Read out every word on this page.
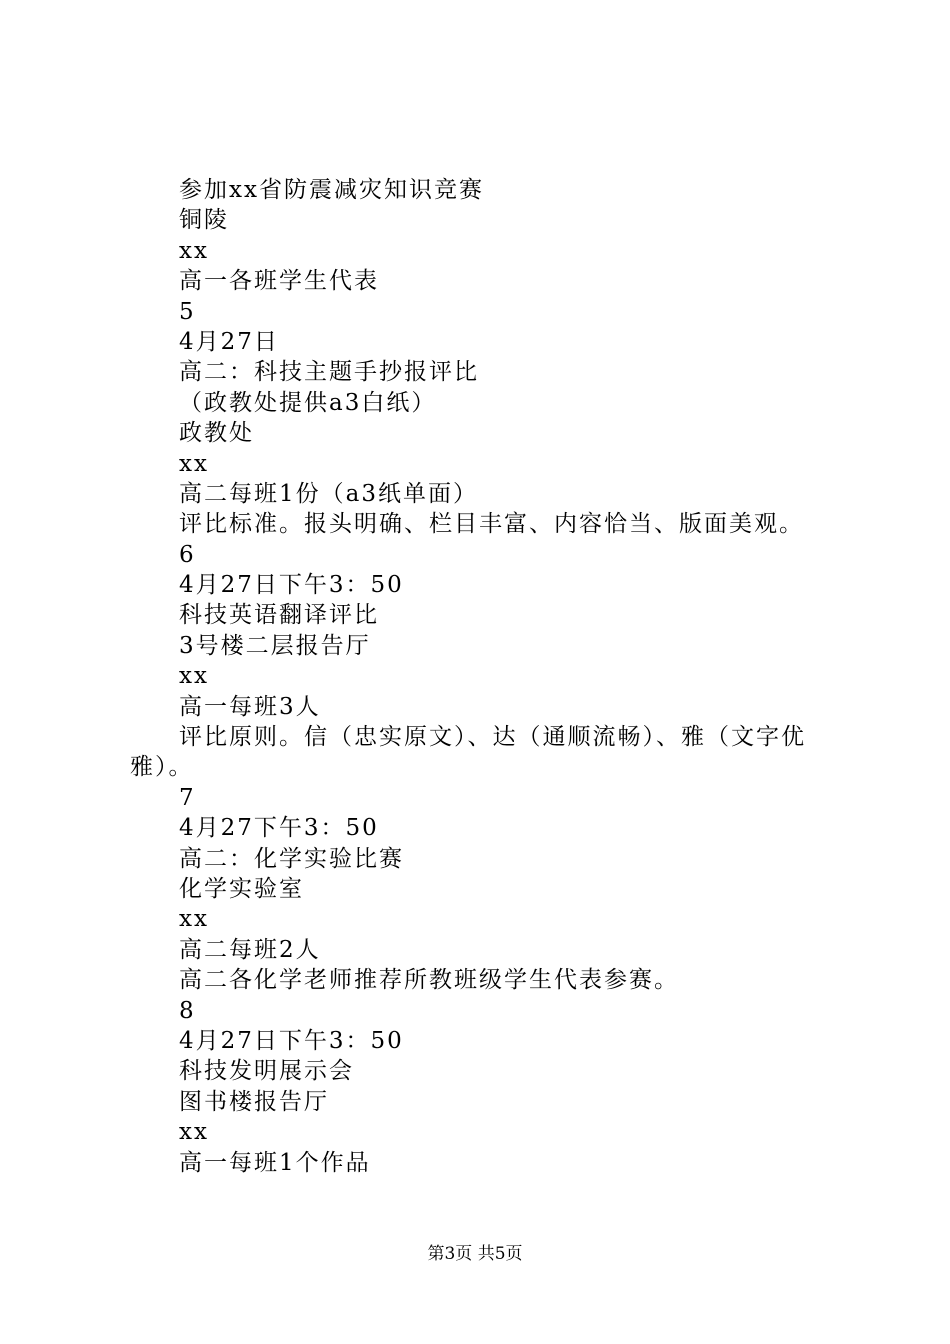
参加xx省防震减灾知识竞赛
铜陵
xx
高一各班学生代表
5
4月27日
高二：科技主题手抄报评比
（政教处提供a3白纸）
政教处
xx
高二每班1份（a3纸单面）
评比标准。报头明确、栏目丰富、内容恰当、版面美观。
6
4月27日下午3：50
科技英语翻译评比
3号楼二层报告厅
xx
高一每班3人
评比原则。信（忠实原文）、达（通顺流畅）、雅（文字优雅）。
7
4月27下午3：50
高二：化学实验比赛
化学实验室
xx
高二每班2人
高二各化学老师推荐所教班级学生代表参赛。
8
4月27日下午3：50
科技发明展示会
图书楼报告厅
xx
高一每班1个作品
第3页 共5页
